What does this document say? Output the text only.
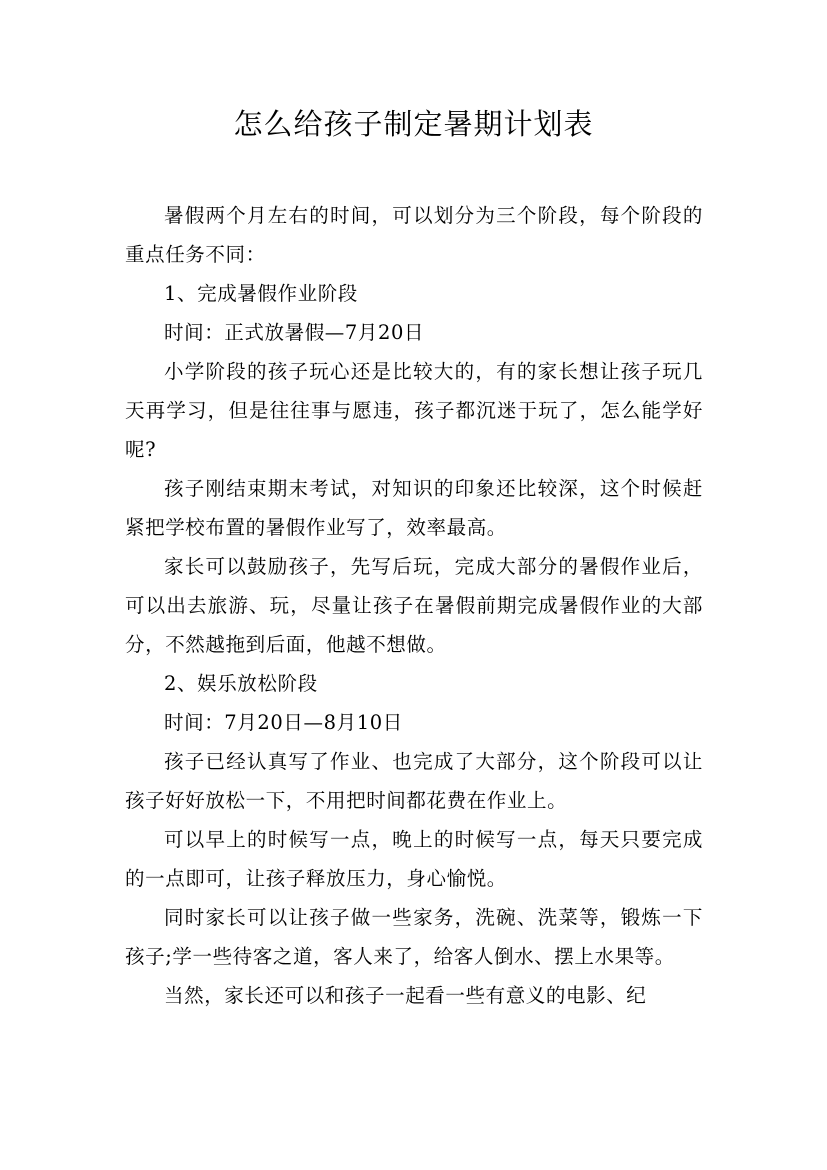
怎么给孩子制定暑期计划表

暑假两个月左右的时间，可以划分为三个阶段，每个阶段的重点任务不同：

1、完成暑假作业阶段

时间：正式放暑假—7月20日

小学阶段的孩子玩心还是比较大的，有的家长想让孩子玩几天再学习，但是往往事与愿违，孩子都沉迷于玩了，怎么能学好呢?

孩子刚结束期末考试，对知识的印象还比较深，这个时候赶紧把学校布置的暑假作业写了，效率最高。

家长可以鼓励孩子，先写后玩，完成大部分的暑假作业后，可以出去旅游、玩，尽量让孩子在暑假前期完成暑假作业的大部分，不然越拖到后面，他越不想做。

2、娱乐放松阶段

时间：7月20日—8月10日

孩子已经认真写了作业、也完成了大部分，这个阶段可以让孩子好好放松一下，不用把时间都花费在作业上。

可以早上的时候写一点，晚上的时候写一点，每天只要完成的一点即可，让孩子释放压力，身心愉悦。

同时家长可以让孩子做一些家务，洗碗、洗菜等，锻炼一下孩子;学一些待客之道，客人来了，给客人倒水、摆上水果等。

当然，家长还可以和孩子一起看一些有意义的电影、纪
